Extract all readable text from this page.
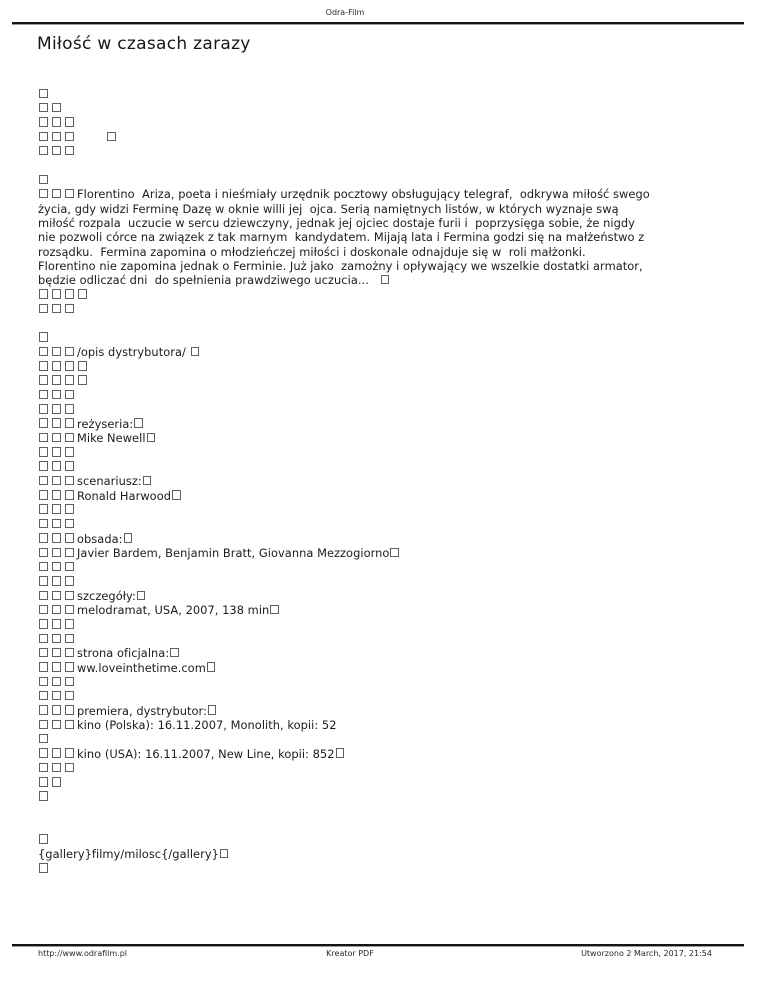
Odra-Film
Miłość w czasach zarazy

Florentino  Ariza, poeta i nieśmiały urzędnik pocztowy obsługujący telegraf,  odkrywa miłość swego
życia, gdy widzi Ferminę Dazę w oknie willi jej  ojca. Serią namiętnych listów, w których wyznaje swą
miłość rozpala  uczucie w sercu dziewczyny, jednak jej ojciec dostaje furii i  poprzysięga sobie, że nigdy
nie pozwoli córce na związek z tak marnym  kandydatem. Mijają lata i Fermina godzi się na małżeństwo z
rozsądku.  Fermina zapomina o młodzieńczej miłości i doskonale odnajduje się w  roli małżonki.
Florentino nie zapomina jednak o Ferminie. Już jako  zamożny i opływający we wszelkie dostatki armator,
będzie odliczać dni  do spełnienia prawdziwego uczucia...
/opis dystrybutora/
reżyseria:
Mike Newell
scenariusz:
Ronald Harwood
obsada:
Javier Bardem, Benjamin Bratt, Giovanna Mezzogiorno
szczegóły:
melodramat, USA, 2007, 138 min
strona oficjalna:
ww.loveinthetime.com
premiera, dystrybutor:
kino (Polska): 16.11.2007, Monolith, kopii: 52
kino (USA): 16.11.2007, New Line, kopii: 852
{gallery}filmy/milosc{/gallery}
http://www.odrafilm.pl	Kreator PDF	Utworzono 2 March, 2017, 21:54
